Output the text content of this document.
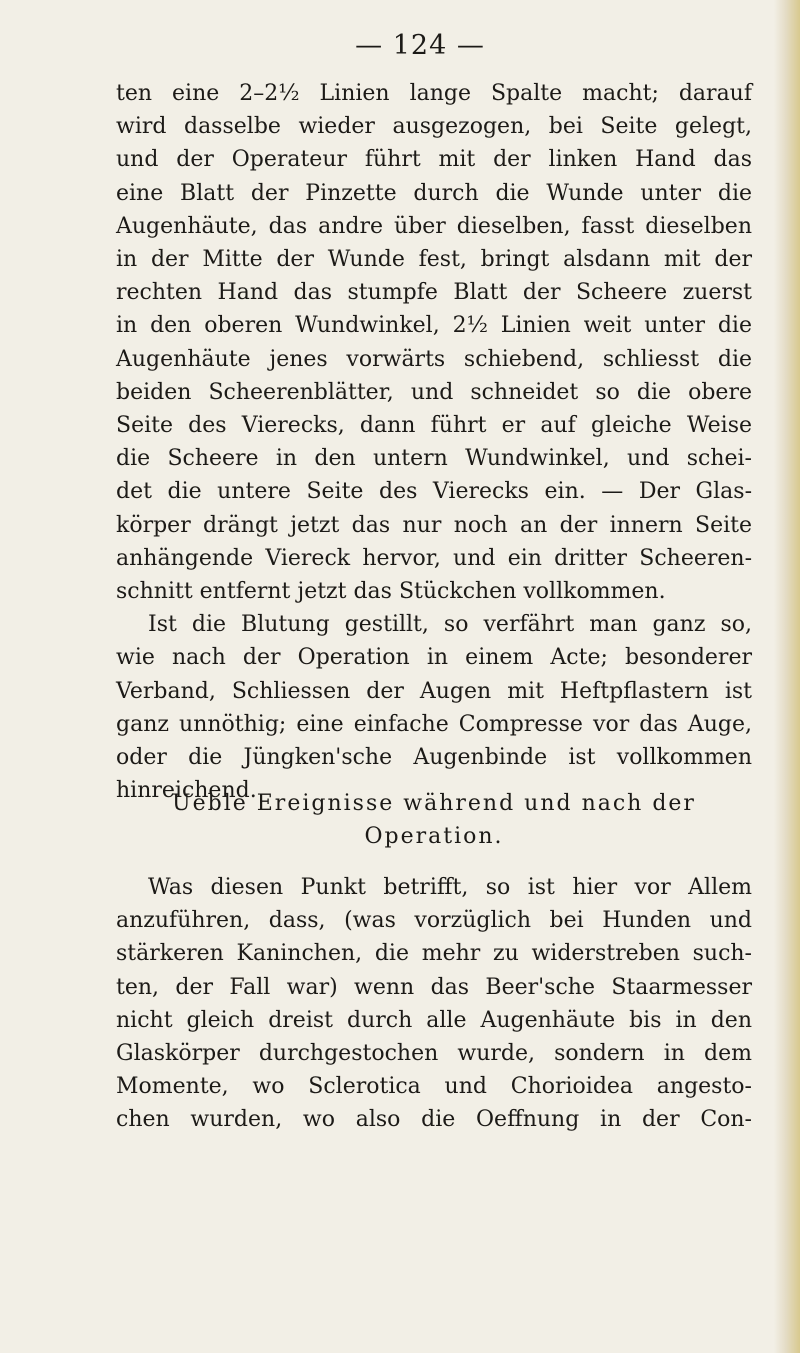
— 124 —
ten eine 2–2½ Linien lange Spalte macht; darauf
wird dasselbe wieder ausgezogen, bei Seite gelegt,
und der Operateur führt mit der linken Hand das
eine Blatt der Pinzette durch die Wunde unter die
Augenhäute, das andre über dieselben, fasst dieselben
in der Mitte der Wunde fest, bringt alsdann mit der
rechten Hand das stumpfe Blatt der Scheere zuerst
in den oberen Wundwinkel, 2½ Linien weit unter die
Augenhäute jenes vorwärts schiebend, schliesst die
beiden Scheerenblätter, und schneidet so die obere
Seite des Vierecks, dann führt er auf gleiche Weise
die Scheere in den untern Wundwinkel, und schei-
det die untere Seite des Vierecks ein. — Der Glas-
körper drängt jetzt das nur noch an der innern Seite
anhängende Viereck hervor, und ein dritter Scheeren-
schnitt entfernt jetzt das Stückchen vollkommen.
Ist die Blutung gestillt, so verfährt man ganz so,
wie nach der Operation in einem Acte; besonderer
Verband, Schliessen der Augen mit Heftpflastern ist
ganz unnöthig; eine einfache Compresse vor das Auge,
oder die Jüngken'sche Augenbinde ist vollkommen
hinreichend.
Ueble Ereignisse während und nach der
Operation.
Was diesen Punkt betrifft, so ist hier vor Allem
anzuführen, dass, (was vorzüglich bei Hunden und
stärkeren Kaninchen, die mehr zu widerstreben such-
ten, der Fall war) wenn das Beer'sche Staarmesser
nicht gleich dreist durch alle Augenhäute bis in den
Glaskörper durchgestochen wurde, sondern in dem
Momente, wo Sclerotica und Chorioidea angesto-
chen wurden, wo also die Oeffnung in der Con-
